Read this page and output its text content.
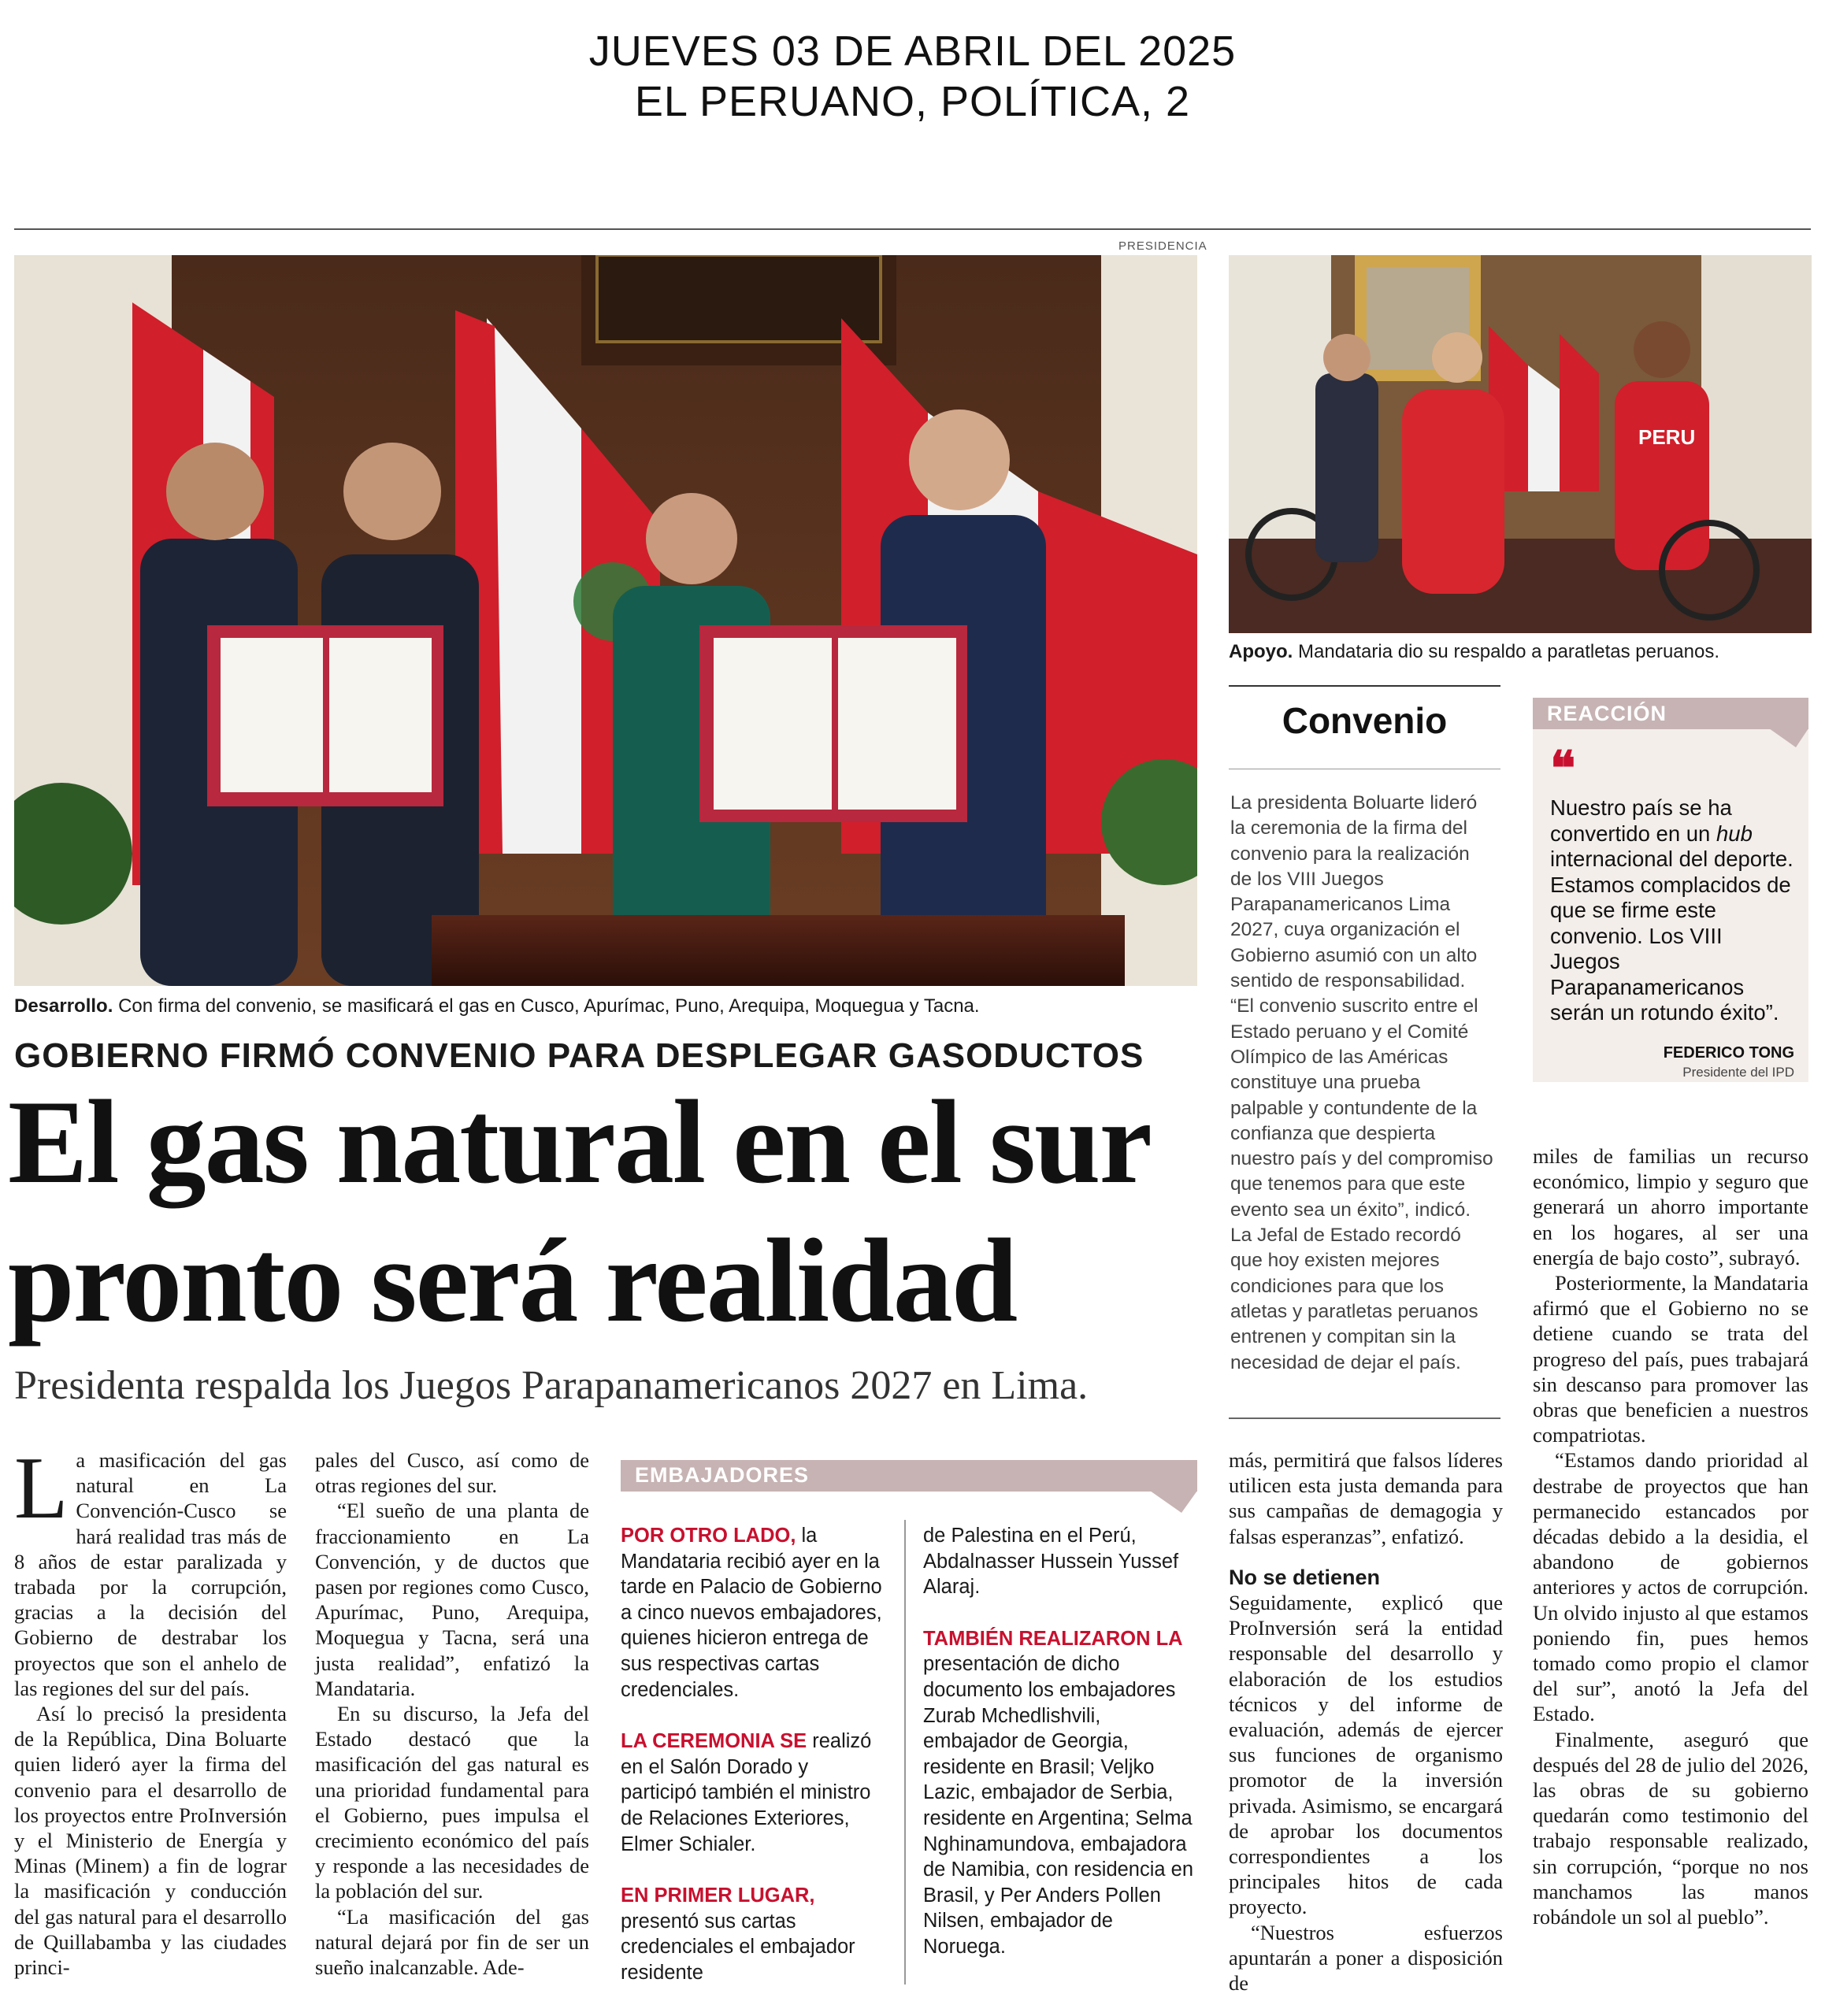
JUEVES 03 DE ABRIL DEL 2025
EL PERUANO, POLÍTICA, 2
PRESIDENCIA
Desarrollo. Con firma del convenio, se masificará el gas en Cusco, Apurímac, Puno, Arequipa, Moquegua y Tacna.
GOBIERNO FIRMÓ CONVENIO PARA DESPLEGAR GASODUCTOS
El gas natural en el sur
pronto será realidad
Presidenta respalda los Juegos Parapanamericanos 2027 en Lima.

La masificación del gas natural en La Convención-Cusco se hará realidad tras más de 8 años de estar paralizada y trabada por la corrupción, gracias a la decisión del Gobierno de destrabar los proyectos que son el anhelo de las regiones del sur del país.

Así lo precisó la presidenta de la República, Dina Boluarte quien lideró ayer la firma del convenio para el desarrollo de los proyectos entre ProInversión y el Ministerio de Energía y Minas (Minem) a fin de lograr la masificación y conducción del gas natural para el desarrollo de Quillabamba y las ciudades princi-

pales del Cusco, así como de otras regiones del sur.

“El sueño de una planta de fraccionamiento en La Convención, y de ductos que pasen por regiones como Cusco, Apurímac, Puno, Arequipa, Moquegua y Tacna, será una justa realidad”, enfatizó la Mandataria.

En su discurso, la Jefa del Estado destacó que la masificación del gas natural es una prioridad fundamental para el Gobierno, pues impulsa el crecimiento económico del país y responde a las necesidades de la población del sur.

“La masificación del gas natural dejará por fin de ser un sueño inalcanzable. Ade-

EMBAJADORES

POR OTRO LADO, la Mandataria recibió ayer en la tarde en Palacio de Gobierno a cinco nuevos embajadores, quienes hicieron entrega de sus respectivas cartas credenciales.

LA CEREMONIA SE realizó en el Salón Dorado y participó también el ministro de Relaciones Exteriores, Elmer Schialer.

EN PRIMER LUGAR, presentó sus cartas credenciales el embajador residente

de Palestina en el Perú, Abdalnasser Hussein Yussef Alaraj.

TAMBIÉN REALIZARON LA presentación de dicho documento los embajadores Zurab Mchedlishvili, embajador de Georgia, residente en Brasil; Veljko Lazic, embajador de Serbia, residente en Argentina; Selma Nghinamundova, embajadora de Namibia, con residencia en Brasil, y Per Anders Pollen Nilsen, embajador de Noruega.

PERU
Apoyo. Mandataria dio su respaldo a paratletas peruanos.
Convenio
La presidenta Boluarte lideró la ceremonia de la firma del convenio para la realización de los VIII Juegos Parapanamericanos Lima 2027, cuya organización el Gobierno asumió con un alto sentido de responsabilidad. “El convenio suscrito entre el Estado peruano y el Comité Olímpico de las Américas constituye una prueba palpable y contundente de la confianza que despierta nuestro país y del compromiso que tenemos para que este evento sea un éxito”, indicó. La Jefal de Estado recordó que hoy existen mejores condiciones para que los atletas y paratletas peruanos entrenen y compitan sin la necesidad de dejar el país.
REACCIÓN
❝
Nuestro país se ha convertido en un hub internacional del deporte. Estamos complacidos de que se firme este convenio. Los VIII Juegos Parapanamericanos serán un rotundo éxito”.
FEDERICO TONG
Presidente del IPD

más, permitirá que falsos líderes utilicen esta justa demanda para sus campañas de demagogia y falsas esperanzas”, enfatizó.

No se detienen

Seguidamente, explicó que ProInversión será la entidad responsable del desarrollo y elaboración de los estudios técnicos y del informe de evaluación, además de ejercer sus funciones de organismo promotor de la inversión privada. Asimismo, se encargará de aprobar los documentos correspondientes a los principales hitos de cada proyecto.

“Nuestros esfuerzos apuntarán a poner a disposición de

miles de familias un recurso económico, limpio y seguro que generará un ahorro importante en los hogares, al ser una energía de bajo costo”, subrayó.

Posteriormente, la Mandataria afirmó que el Gobierno no se detiene cuando se trata del progreso del país, pues trabajará sin descanso para promover las obras que beneficien a nuestros compatriotas.

“Estamos dando prioridad al destrabe de proyectos que han permanecido estancados por décadas debido a la desidia, el abandono de gobiernos anteriores y actos de corrupción. Un olvido injusto al que estamos poniendo fin, pues hemos tomado como propio el clamor del sur”, anotó la Jefa del Estado.

Finalmente, aseguró que después del 28 de julio del 2026, las obras de su gobierno quedarán como testimonio del trabajo responsable realizado, sin corrupción, “porque no nos manchamos las manos robándole un sol al pueblo”.
